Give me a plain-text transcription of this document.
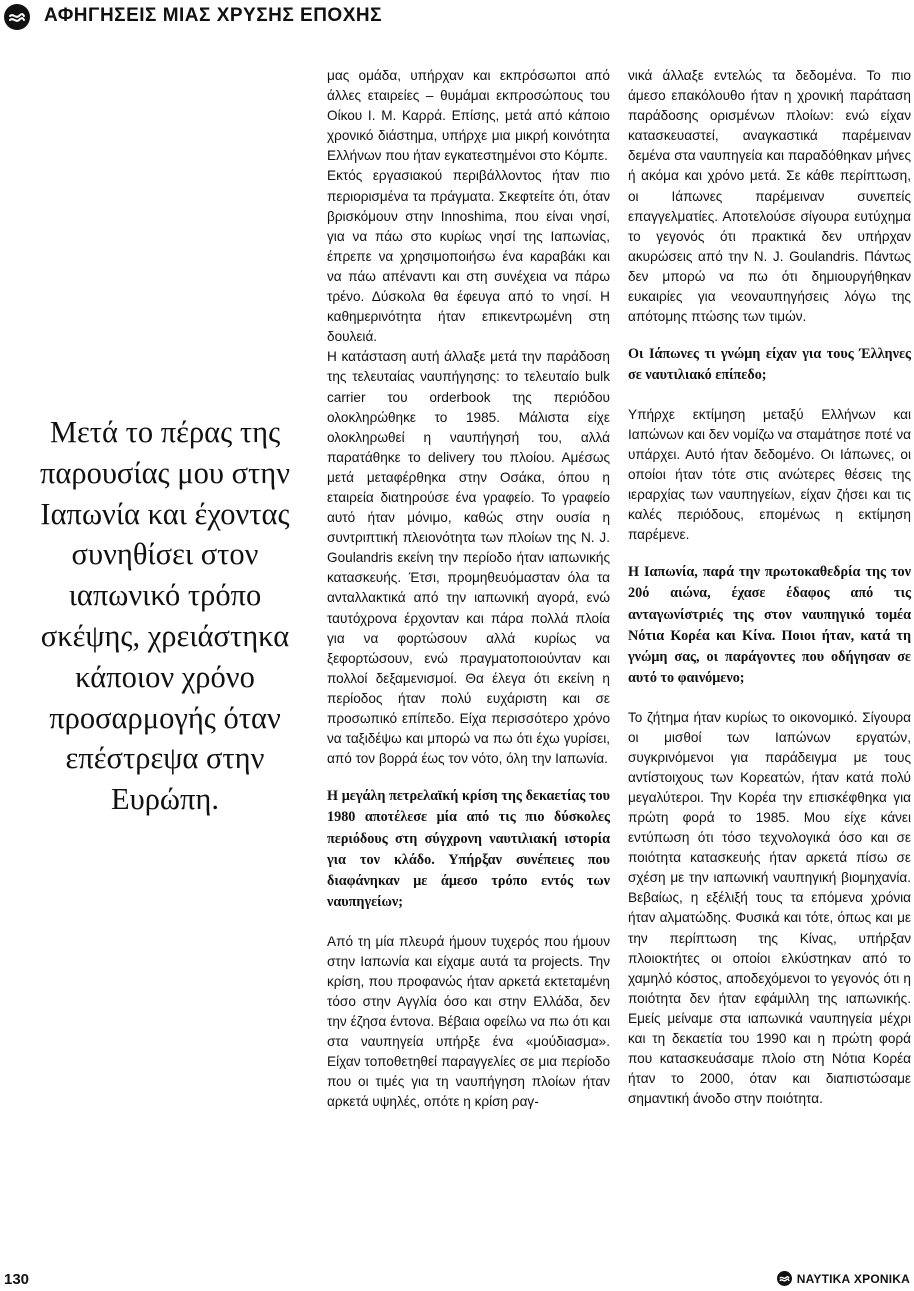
ΑΦΗΓΗΣΕΙΣ ΜΙΑΣ ΧΡΥΣΗΣ ΕΠΟΧΗΣ
Μετά το πέρας της παρουσίας μου στην Ιαπωνία και έχοντας συνηθίσει στον ιαπωνικό τρόπο σκέψης, χρειάστηκα κάποιον χρόνο προσαρμογής όταν επέστρεψα στην Ευρώπη.

μας ομάδα, υπήρχαν και εκπρόσωποι από άλλες εταιρείες – θυμάμαι εκπροσώπους του Οίκου Ι. Μ. Καρρά. Επίσης, μετά από κάποιο χρονικό διάστημα, υπήρχε μια μικρή κοινότητα Ελλήνων που ήταν εγκατεστημένοι στο Κόμπε.

Εκτός εργασιακού περιβάλλοντος ήταν πιο περιορισμένα τα πράγματα. Σκεφτείτε ότι, όταν βρισκόμουν στην Innoshima, που είναι νησί, για να πάω στο κυρίως νησί της Ιαπωνίας, έπρεπε να χρησιμοποιήσω ένα καραβάκι και να πάω απέναντι και στη συνέχεια να πάρω τρένο. Δύσκολα θα έφευγα από το νησί. Η καθημερινότητα ήταν επικεντρωμένη στη δουλειά.

Η κατάσταση αυτή άλλαξε μετά την παράδοση της τελευταίας ναυπήγησης: το τελευταίο bulk carrier του orderbook της περιόδου ολοκληρώθηκε το 1985. Μάλιστα είχε ολοκληρωθεί η ναυπήγησή του, αλλά παρατάθηκε το delivery του πλοίου. Αμέσως μετά μεταφέρθηκα στην Οσάκα, όπου η εταιρεία διατηρούσε ένα γραφείο. Το γραφείο αυτό ήταν μόνιμο, καθώς στην ουσία η συντριπτική πλειονότητα των πλοίων της N. J. Goulandris εκείνη την περίοδο ήταν ιαπωνικής κατασκευής. Έτσι, προμηθευόμασταν όλα τα ανταλλακτικά από την ιαπωνική αγορά, ενώ ταυτόχρονα έρχονταν και πάρα πολλά πλοία για να φορτώσουν αλλά κυρίως να ξεφορτώσουν, ενώ πραγματοποιούνταν και πολλοί δεξαμενισμοί. Θα έλεγα ότι εκείνη η περίοδος ήταν πολύ ευχάριστη και σε προσωπικό επίπεδο. Είχα περισσότερο χρόνο να ταξιδέψω και μπορώ να πω ότι έχω γυρίσει, από τον βορρά έως τον νότο, όλη την Ιαπωνία.

Η μεγάλη πετρελαϊκή κρίση της δεκαετίας του 1980 αποτέλεσε μία από τις πιο δύσκολες περιόδους στη σύγχρονη ναυτιλιακή ιστορία για τον κλάδο. Υπήρξαν συνέπειες που διαφάνηκαν με άμεσο τρόπο εντός των ναυπηγείων;

Από τη μία πλευρά ήμουν τυχερός που ήμουν στην Ιαπωνία και είχαμε αυτά τα projects. Την κρίση, που προφανώς ήταν αρκετά εκτεταμένη τόσο στην Αγγλία όσο και στην Ελλάδα, δεν την έζησα έντονα. Βέβαια οφείλω να πω ότι και στα ναυπηγεία υπήρξε ένα «μούδιασμα». Είχαν τοποθετηθεί παραγγελίες σε μια περίοδο που οι τιμές για τη ναυπήγηση πλοίων ήταν αρκετά υψηλές, οπότε η κρίση ραγ-

νικά άλλαξε εντελώς τα δεδομένα. Το πιο άμεσο επακόλουθο ήταν η χρονική παράταση παράδοσης ορισμένων πλοίων: ενώ είχαν κατασκευαστεί, αναγκαστικά παρέμειναν δεμένα στα ναυπηγεία και παραδόθηκαν μήνες ή ακόμα και χρόνο μετά. Σε κάθε περίπτωση, οι Ιάπωνες παρέμειναν συνεπείς επαγγελματίες. Αποτελούσε σίγουρα ευτύχημα το γεγονός ότι πρακτικά δεν υπήρχαν ακυρώσεις από την N. J. Goulandris. Πάντως δεν μπορώ να πω ότι δημιουργήθηκαν ευκαιρίες για νεοναυπηγήσεις λόγω της απότομης πτώσης των τιμών.

Οι Ιάπωνες τι γνώμη είχαν για τους Έλληνες σε ναυτιλιακό επίπεδο;

Υπήρχε εκτίμηση μεταξύ Ελλήνων και Ιαπώνων και δεν νομίζω να σταμάτησε ποτέ να υπάρχει. Αυτό ήταν δεδομένο. Οι Ιάπωνες, οι οποίοι ήταν τότε στις ανώτερες θέσεις της ιεραρχίας των ναυπηγείων, είχαν ζήσει και τις καλές περιόδους, επομένως η εκτίμηση παρέμενε.

Η Ιαπωνία, παρά την πρωτοκαθεδρία της τον 20ό αιώνα, έχασε έδαφος από τις ανταγωνίστριές της στον ναυπηγικό τομέα Νότια Κορέα και Κίνα. Ποιοι ήταν, κατά τη γνώμη σας, οι παράγοντες που οδήγησαν σε αυτό το φαινόμενο;

Το ζήτημα ήταν κυρίως το οικονομικό. Σίγουρα οι μισθοί των Ιαπώνων εργατών, συγκρινόμενοι για παράδειγμα με τους αντίστοιχους των Κορεατών, ήταν κατά πολύ μεγαλύτεροι. Την Κορέα την επισκέφθηκα για πρώτη φορά το 1985. Μου είχε κάνει εντύπωση ότι τόσο τεχνολογικά όσο και σε ποιότητα κατασκευής ήταν αρκετά πίσω σε σχέση με την ιαπωνική ναυπηγική βιομηχανία. Βεβαίως, η εξέλιξή τους τα επόμενα χρόνια ήταν αλματώδης. Φυσικά και τότε, όπως και με την περίπτωση της Κίνας, υπήρξαν πλοιοκτήτες οι οποίοι ελκύστηκαν από το χαμηλό κόστος, αποδεχόμενοι το γεγονός ότι η ποιότητα δεν ήταν εφάμιλλη της ιαπωνικής. Εμείς μείναμε στα ιαπωνικά ναυπηγεία μέχρι και τη δεκαετία του 1990 και η πρώτη φορά που κατασκευάσαμε πλοίο στη Νότια Κορέα ήταν το 2000, όταν και διαπιστώσαμε σημαντική άνοδο στην ποιότητα.

130	ΝΑΥΤΙΚΑ ΧΡΟΝΙΚΑ
